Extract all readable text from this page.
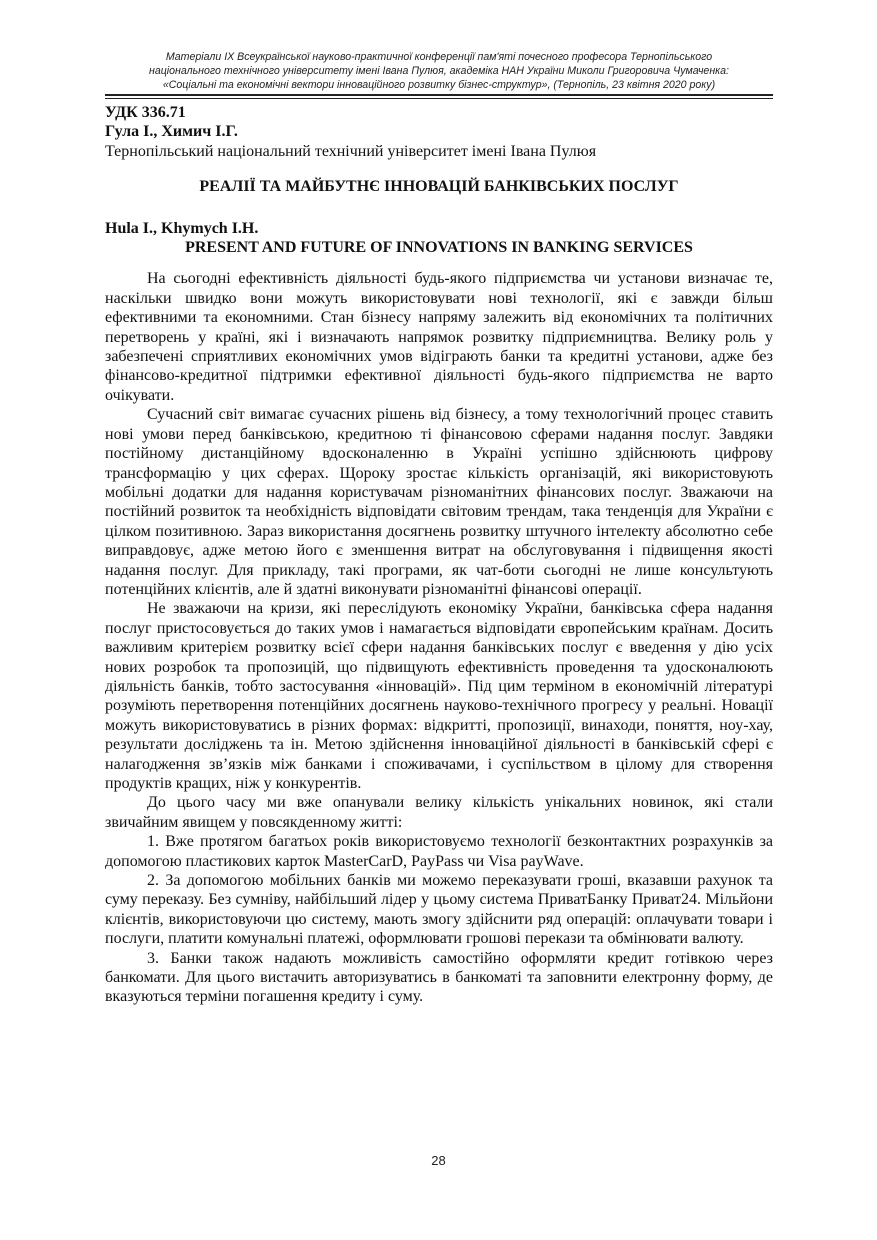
Матеріали IX Всеукраїнської науково-практичної конференції пам'яті почесного професора Тернопільського
національного технічного університету імені Івана Пулюя, академіка НАН України Миколи Григоровича Чумаченка:
«Соціальні та економічні вектори інноваційного розвитку бізнес-структур», (Тернопіль, 23 квітня 2020 року)
УДК 336.71
Гула І., Химич І.Г.
Тернопільський національний технічний університет імені Івана Пулюя
РЕАЛІЇ ТА МАЙБУТНЄ ІННОВАЦІЙ БАНКІВСЬКИХ ПОСЛУГ
Hula I., Khymych I.H.
PRESENT AND FUTURE OF INNOVATIONS IN BANKING SERVICES

На сьогодні ефективність діяльності будь-якого підприємства чи установи визначає те, наскільки швидко вони можуть використовувати нові технології, які є завжди більш ефективними та економними. Стан бізнесу напряму залежить від економічних та політичних перетворень у країні, які і визначають напрямок розвитку підприємництва. Велику роль у забезпечені сприятливих економічних умов відіграють банки та кредитні установи, адже без фінансово-кредитної підтримки ефективної діяльності будь-якого підприємства не варто очікувати.

Сучасний світ вимагає сучасних рішень від бізнесу, а тому технологічний процес ставить нові умови перед банківською, кредитною ті фінансовою сферами надання послуг. Завдяки постійному дистанційному вдосконаленню в Україні успішно здійснюють цифрову трансформацію у цих сферах. Щороку зростає кількість організацій, які використовують мобільні додатки для надання користувачам різноманітних фінансових послуг. Зважаючи на постійний розвиток та необхідність відповідати світовим трендам, така тенденція для України є цілком позитивною. Зараз використання досягнень розвитку штучного інтелекту абсолютно себе виправдовує, адже метою його є зменшення витрат на обслуговування і підвищення якості надання послуг. Для прикладу, такі програми, як чат-боти сьогодні не лише консультують потенційних клієнтів, але й здатні виконувати різноманітні фінансові операції.

Не зважаючи на кризи, які переслідують економіку України, банківська сфера надання послуг пристосовується до таких умов і намагається відповідати європейським країнам. Досить важливим критерієм розвитку всієї сфери надання банківських послуг є введення у дію усіх нових розробок та пропозицій, що підвищують ефективність проведення та удосконалюють діяльність банків, тобто застосування «інновацій». Під цим терміном в економічній літературі розуміють перетворення потенційних досягнень науково-технічного прогресу у реальні. Новації можуть використовуватись в різних формах: відкритті, пропозиції, винаходи, поняття, ноу-хау, результати досліджень та ін. Метою здійснення інноваційної діяльності в банківській сфері є налагодження зв’язків між банками і споживачами, і суспільством в цілому для створення продуктів кращих, ніж у конкурентів.

До цього часу ми вже опанували велику кількість унікальних новинок, які стали звичайним явищем у повсякденному житті:

1. Вже протягом багатьох років використовуємо технології безконтактних розрахунків за допомогою пластикових карток MasterCarD, PayPass чи Visa payWave.

2. За допомогою мобільних банків ми можемо переказувати гроші, вказавши рахунок та суму переказу. Без сумніву, найбільший лідер у цьому система ПриватБанку Приват24. Мільйони клієнтів, використовуючи цю систему, мають змогу здійснити ряд операцій: оплачувати товари і послуги, платити комунальні платежі, оформлювати грошові перекази та обмінювати валюту.

3. Банки також надають можливість самостійно оформляти кредит готівкою через банкомати. Для цього вистачить авторизуватись в банкоматі та заповнити електронну форму, де вказуються терміни погашення кредиту і суму.

28
